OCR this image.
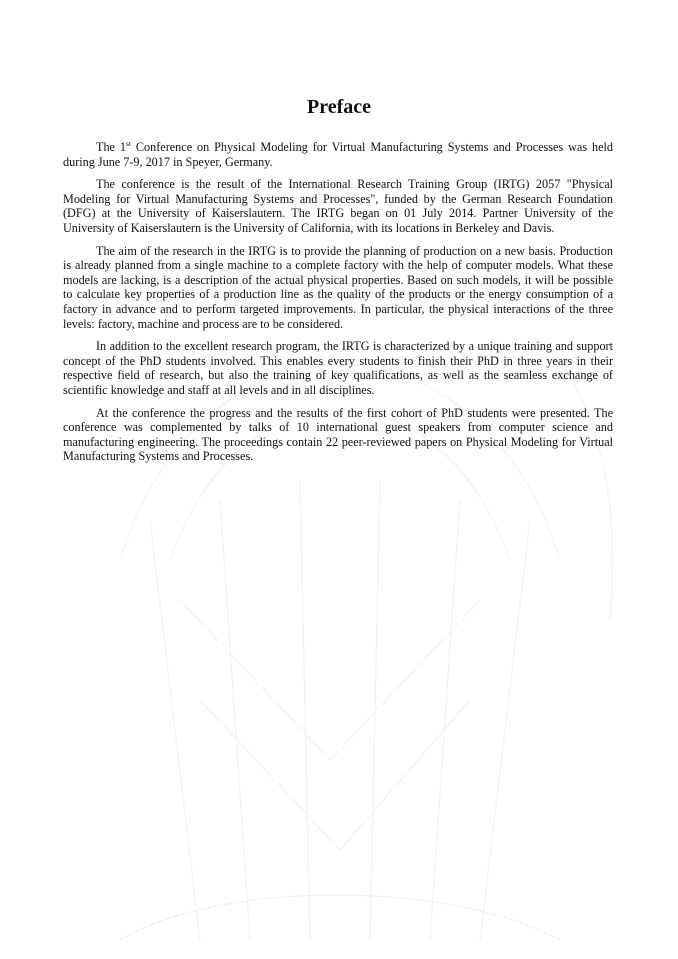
Preface

The 1st Conference on Physical Modeling for Virtual Manufacturing Systems and Processes was held during June 7-9, 2017 in Speyer, Germany.

The conference is the result of the International Research Training Group (IRTG) 2057 "Physical Modeling for Virtual Manufacturing Systems and Processes", funded by the German Research Foundation (DFG) at the University of Kaiserslautern. The IRTG began on 01 July 2014. Partner University of the University of Kaiserslautern is the University of California, with its locations in Berkeley and Davis.

The aim of the research in the IRTG is to provide the planning of production on a new basis. Production is already planned from a single machine to a complete factory with the help of computer models. What these models are lacking, is a description of the actual physical properties. Based on such models, it will be possible to calculate key properties of a production line as the quality of the products or the energy consumption of a factory in advance and to perform targeted improvements. In particular, the physical interactions of the three levels: factory, machine and process are to be considered.

In addition to the excellent research program, the IRTG is characterized by a unique training and support concept of the PhD students involved. This enables every students to finish their PhD in three years in their respective field of research, but also the training of key qualifications, as well as the seamless exchange of scientific knowledge and staff at all levels and in all disciplines.

At the conference the progress and the results of the first cohort of PhD students were presented. The conference was complemented by talks of 10 international guest speakers from computer science and manufacturing engineering. The proceedings contain 22 peer-reviewed papers on Physical Modeling for Virtual Manufacturing Systems and Processes.
